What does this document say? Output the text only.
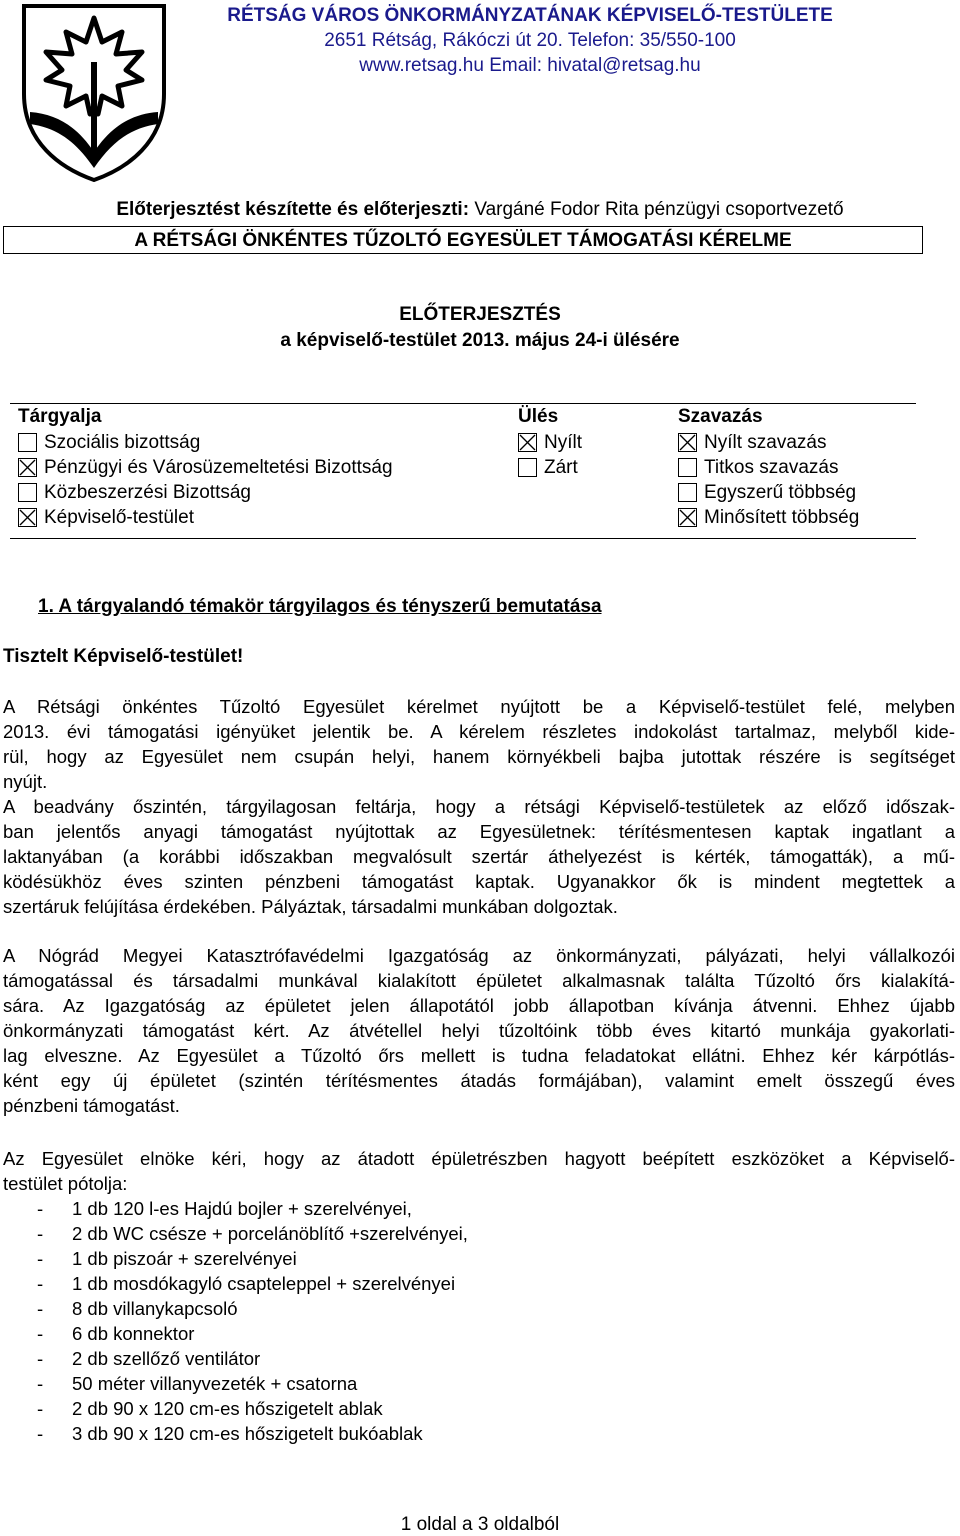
RÉTSÁG VÁROS ÖNKORMÁNYZATÁNAK KÉPVISELŐ-TESTÜLETE
2651 Rétság, Rákóczi út 20. Telefon: 35/550-100
www.retsag.hu Email: hivatal@retsag.hu
Előterjesztést készítette és előterjeszti: Vargáné Fodor Rita pénzügyi csoportvezető
A RÉTSÁGI ÖNKÉNTES TŰZOLTÓ EGYESÜLET TÁMOGATÁSI KÉRELME
ELŐTERJESZTÉS
a képviselő-testület 2013. május 24-i ülésére
Tárgyalja
Szociális bizottság
Pénzügyi és Városüzemeltetési Bizottság
Közbeszerzési Bizottság
Képviselő-testület
Ülés
Nyílt
Zárt
Szavazás
Nyílt szavazás
Titkos szavazás
Egyszerű többség
Minősített többség
1. A tárgyalandó témakör tárgyilagos és tényszerű bemutatása
Tisztelt Képviselő-testület!
A Rétsági önkéntes Tűzoltó Egyesület kérelmet nyújtott be a Képviselő-testület felé, melyben
2013. évi támogatási igényüket jelentik be. A kérelem részletes indokolást tartalmaz, melyből kide-
rül, hogy az Egyesület nem csupán helyi, hanem környékbeli bajba jutottak részére is segítséget
nyújt.
A beadvány őszintén, tárgyilagosan feltárja, hogy a rétsági Képviselő-testületek az előző időszak-
ban jelentős anyagi támogatást nyújtottak az Egyesületnek: térítésmentesen kaptak ingatlant a
laktanyában (a korábbi időszakban megvalósult szertár áthelyezést is kérték, támogatták), a mű-
ködésükhöz éves szinten pénzbeni támogatást kaptak. Ugyanakkor ők is mindent megtettek a
szertáruk felújítása érdekében. Pályáztak, társadalmi munkában dolgoztak.
A Nógrád Megyei Katasztrófavédelmi Igazgatóság az önkormányzati, pályázati, helyi vállalkozói
támogatással és társadalmi munkával kialakított épületet alkalmasnak találta Tűzoltó őrs kialakítá-
sára. Az Igazgatóság az épületet jelen állapotától jobb állapotban kívánja átvenni. Ehhez újabb
önkormányzati támogatást kért. Az átvétellel helyi tűzoltóink több éves kitartó munkája gyakorlati-
lag elveszne. Az Egyesület a Tűzoltó őrs mellett is tudna feladatokat ellátni. Ehhez kér kárpótlás-
ként egy új épületet (szintén térítésmentes átadás formájában), valamint emelt összegű éves
pénzbeni támogatást.
Az Egyesület elnöke kéri, hogy az átadott épületrészben hagyott beépített eszközöket a Képviselő-
testület pótolja:
-	1 db 120 l-es Hajdú bojler + szerelvényei,
-	2 db WC csésze + porcelánöblítő +szerelvényei,
-	1 db piszoár + szerelvényei
-	1 db mosdókagyló csapteleppel + szerelvényei
-	8 db villanykapcsoló
-	6 db konnektor
-	2 db szellőző ventilátor
-	50 méter villanyvezeték + csatorna
-	2 db 90 x 120 cm-es hőszigetelt ablak
-	3 db 90 x 120 cm-es hőszigetelt bukóablak
1 oldal a 3 oldalból
